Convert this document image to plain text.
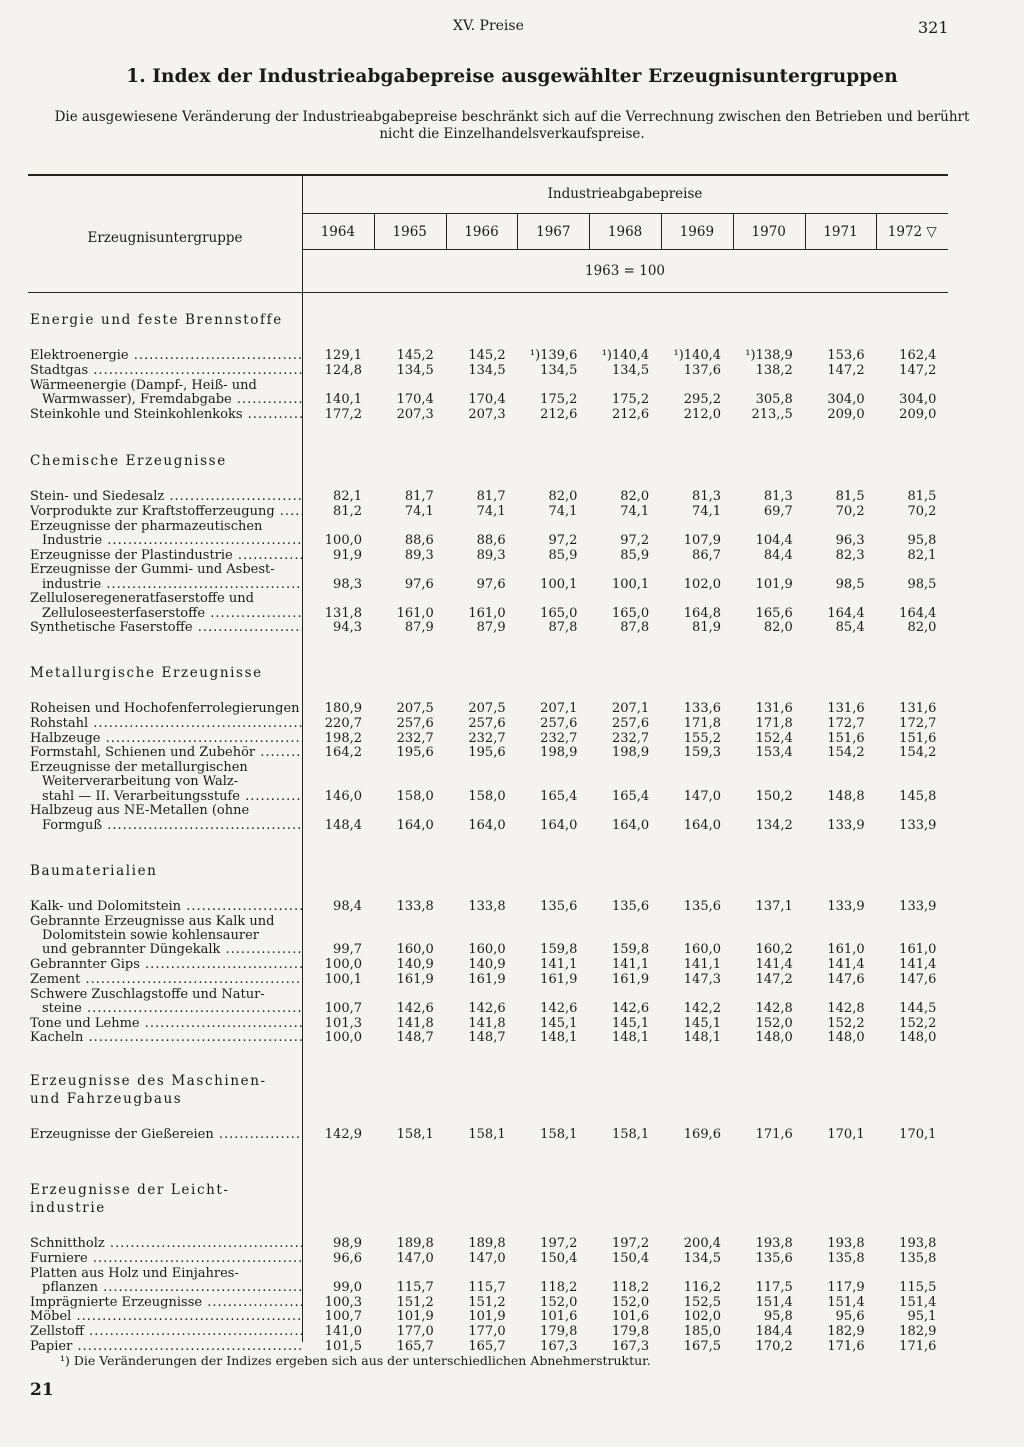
XV. Preise	321
1. Index der Industrieabgabepreise ausgewählter Erzeugnisuntergruppen
Die ausgewiesene Veränderung der Industrieabgabepreise beschränkt sich auf die Verrechnung zwischen den Betrieben und berührt nicht die Einzelhandelsverkaufspreise.
Industrieabgabepreise
Erzeugnisuntergruppe
1963 = 100
1964	1965	1966	1967	1968	1969	1970	1971	1972 ▽
Energie und feste Brennstoffe
Elektroenergie .....	129,1	145,2	145,2	¹)139,6	¹)140,4	¹)140,4	¹)138,9	153,6	162,4
Stadtgas .....	124,8	134,5	134,5	134,5	134,5	137,6	138,2	147,2	147,2
Wärmeenergie (Dampf-, Heiß- und
Warmwasser), Fremdabgabe .....	140,1	170,4	170,4	175,2	175,2	295,2	305,8	304,0	304,0
Steinkohle und Steinkohlenkoks .....	177,2	207,3	207,3	212,6	212,6	212,0	213,,5	209,0	209,0
Chemische Erzeugnisse
Stein- und Siedesalz .....	82,1	81,7	81,7	82,0	82,0	81,3	81,3	81,5	81,5
Vorprodukte zur Kraftstofferzeugung .....	81,2	74,1	74,1	74,1	74,1	74,1	69,7	70,2	70,2
Erzeugnisse der pharmazeutischen
Industrie .....	100,0	88,6	88,6	97,2	97,2	107,9	104,4	96,3	95,8
Erzeugnisse der Plastindustrie .....	91,9	89,3	89,3	85,9	85,9	86,7	84,4	82,3	82,1
Erzeugnisse der Gummi- und Asbest-
industrie .....	98,3	97,6	97,6	100,1	100,1	102,0	101,9	98,5	98,5
Zelluloseregeneratfaserstoffe und
Zelluloseesterfaserstoffe .....	131,8	161,0	161,0	165,0	165,0	164,8	165,6	164,4	164,4
Synthetische Faserstoffe .....	94,3	87,9	87,9	87,8	87,8	81,9	82,0	85,4	82,0
Metallurgische Erzeugnisse
Roheisen und Hochofenferrolegierungen .....	180,9	207,5	207,5	207,1	207,1	133,6	131,6	131,6	131,6
Rohstahl .....	220,7	257,6	257,6	257,6	257,6	171,8	171,8	172,7	172,7
Halbzeuge .....	198,2	232,7	232,7	232,7	232,7	155,2	152,4	151,6	151,6
Formstahl, Schienen und Zubehör .....	164,2	195,6	195,6	198,9	198,9	159,3	153,4	154,2	154,2
Erzeugnisse der metallurgischen
Weiterverarbeitung von Walz-
stahl — II. Verarbeitungsstufe .....	146,0	158,0	158,0	165,4	165,4	147,0	150,2	148,8	145,8
Halbzeug aus NE-Metallen (ohne
Formguß .....	148,4	164,0	164,0	164,0	164,0	164,0	134,2	133,9	133,9
Baumaterialien
Kalk- und Dolomitstein .....	98,4	133,8	133,8	135,6	135,6	135,6	137,1	133,9	133,9
Gebrannte Erzeugnisse aus Kalk und
Dolomitstein sowie kohlensaurer
und gebrannter Düngekalk .....	99,7	160,0	160,0	159,8	159,8	160,0	160,2	161,0	161,0
Gebrannter Gips .....	100,0	140,9	140,9	141,1	141,1	141,1	141,4	141,4	141,4
Zement .....	100,1	161,9	161,9	161,9	161,9	147,3	147,2	147,6	147,6
Schwere Zuschlagstoffe und Natur-
steine .....	100,7	142,6	142,6	142,6	142,6	142,2	142,8	142,8	144,5
Tone und Lehme .....	101,3	141,8	141,8	145,1	145,1	145,1	152,0	152,2	152,2
Kacheln .....	100,0	148,7	148,7	148,1	148,1	148,1	148,0	148,0	148,0
Erzeugnisse des Maschinen-
und Fahrzeugbaus
Erzeugnisse der Gießereien .....	142,9	158,1	158,1	158,1	158,1	169,6	171,6	170,1	170,1
Erzeugnisse der Leicht-
industrie
Schnittholz .....	98,9	189,8	189,8	197,2	197,2	200,4	193,8	193,8	193,8
Furniere .....	96,6	147,0	147,0	150,4	150,4	134,5	135,6	135,8	135,8
Platten aus Holz und Einjahres-
pflanzen .....	99,0	115,7	115,7	118,2	118,2	116,2	117,5	117,9	115,5
Imprägnierte Erzeugnisse .....	100,3	151,2	151,2	152,0	152,0	152,5	151,4	151,4	151,4
Möbel .....	100,7	101,9	101,9	101,6	101,6	102,0	95,8	95,6	95,1
Zellstoff .....	141,0	177,0	177,0	179,8	179,8	185,0	184,4	182,9	182,9
Papier .....	101,5	165,7	165,7	167,3	167,3	167,5	170,2	171,6	171,6
¹) Die Veränderungen der Indizes ergeben sich aus der unterschiedlichen Abnehmerstruktur.
21
